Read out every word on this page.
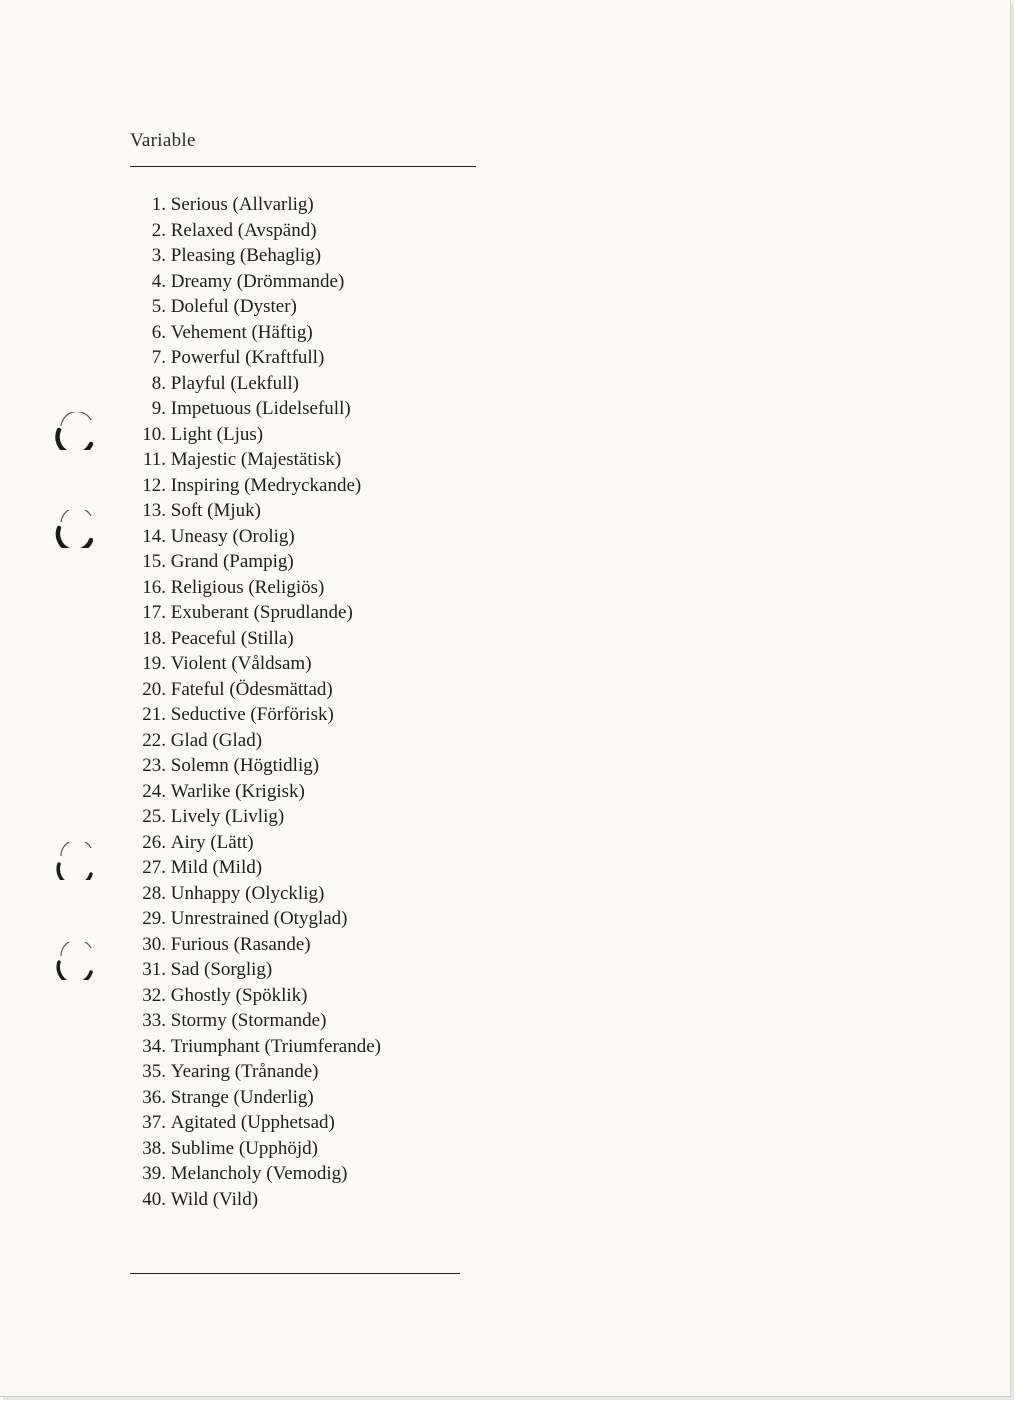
Variable
1.
Serious (Allvarlig)
2.
Relaxed (Avspänd)
3.
Pleasing (Behaglig)
4.
Dreamy (Drömmande)
5.
Doleful (Dyster)
6.
Vehement (Häftig)
7.
Powerful (Kraftfull)
8.
Playful (Lekfull)
9.
Impetuous (Lidelsefull)
10.
Light (Ljus)
11.
Majestic (Majestätisk)
12.
Inspiring (Medryckande)
13.
Soft (Mjuk)
14.
Uneasy (Orolig)
15.
Grand (Pampig)
16.
Religious (Religiös)
17.
Exuberant (Sprudlande)
18.
Peaceful (Stilla)
19.
Violent (Våldsam)
20.
Fateful (Ödesmättad)
21.
Seductive (Förförisk)
22.
Glad (Glad)
23.
Solemn (Högtidlig)
24.
Warlike (Krigisk)
25.
Lively (Livlig)
26.
Airy (Lätt)
27.
Mild (Mild)
28.
Unhappy (Olycklig)
29.
Unrestrained (Otyglad)
30.
Furious (Rasande)
31.
Sad (Sorglig)
32.
Ghostly (Spöklik)
33.
Stormy (Stormande)
34.
Triumphant (Triumferande)
35.
Yearing (Trånande)
36.
Strange (Underlig)
37.
Agitated (Upphetsad)
38.
Sublime (Upphöjd)
39.
Melancholy (Vemodig)
40.
Wild (Vild)
